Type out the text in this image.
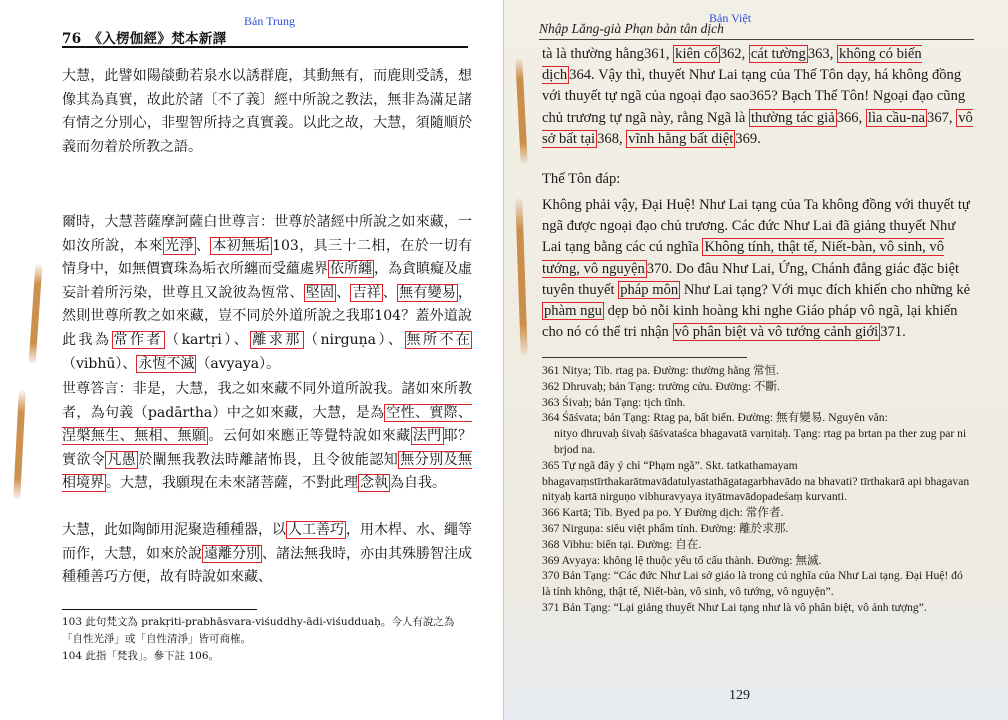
Bản Trung
76　《入楞伽經》梵本新譯

大慧，此譬如陽燄動若泉水以誘群鹿，其動無有，而鹿則受誘，想像其為真實，故此於諸〔不了義〕經中所說之教法，無非為滿足諸有情之分別心，非聖智所持之真實義。以此之故，大慧，須隨順於義而勿着於所教之語。

爾時，大慧菩薩摩訶薩白世尊言：世尊於諸經中所說之如來藏，一如汝所說，本來 光淨 、 本初無垢 103，具三十二相，在於一切有情身中，如無價寶珠為垢衣所纏而受蘊處界 依所纏 ，為貪瞋癡及虛妄計着所污染，世尊且又說彼為恆常、 堅固 、 吉祥 、 無有變易 ，然則世尊所教之如來藏，豈不同於外道所說之我耶104？蓋外道說此我為 常作者 （kartṛi）、 離求那 （nirguṇa）、 無所不在（vibhū）、 永恆不滅 （avyaya）。

世尊答言：非是，大慧，我之如來藏不同外道所說我。諸如來所教者，為句義（padārtha）中之如來藏，大慧，是為 空性、實際、涅槃無生、無相、無願 。云何如來應正等覺特說如來藏 法門 耶？實欲令 凡愚 於闡無我教法時離諸怖畏，且令彼能認知 無分別及無相境界 。大慧，我願現在未來諸菩薩，不對此理 念執 為自我。

大慧，此如陶師用泥聚造種種器，以 人工善巧 ，用木桿、水、繩等而作，大慧，如來於說 遠離分別 、諸法無我時，亦由其殊勝智注成種種善巧方便，故有時說如來藏、

103 此句梵文為 prakṛiti-prabhāsvara-viśuddhy-ādi-viśudduaḥ。今人有說之為「自性光淨」或「自性清淨」皆可商榷。

104 此指「梵我」。參下註 106。

Bản Việt
Nhập Lăng-già Phạn bản tân dịch

tà là thường hằng361, kiên cố 362, cát tường 363, không có biến dịch 364. Vậy thì, thuyết Như Lai tạng của Thế Tôn dạy, há không đồng với thuyết tự ngã của ngoại đạo sao365? Bạch Thế Tôn! Ngoại đạo cũng chủ trương tự ngã này, rằng Ngã là thường tác giả 366, lìa cầu-na 367, vô sở bất tại 368, vĩnh hằng bất diệt 369.

Thế Tôn đáp:

Không phải vậy, Đại Huệ! Như Lai tạng của Ta không đồng với thuyết tự ngã được ngoại đạo chủ trương. Các đức Như Lai đã giảng thuyết Như Lai tạng bằng các cú nghĩa Không tính, thật tế, Niết-bàn, vô sinh, vô tướng, vô nguyện 370. Do đâu Như Lai, Ứng, Chánh đẳng giác đặc biệt tuyên thuyết pháp môn Như Lai tạng? Với mục đích khiến cho những kẻ phàm ngu dẹp bỏ nỗi kinh hoàng khi nghe Giáo pháp vô ngã, lại khiến cho nó có thể tri nhận vô phân biệt và vô tướng cảnh giới 371.

361 Nitya; Tib. rtag pa. Đường: thường hằng 常恒.

362 Dhruvaḥ; bản Tạng: trường cửu. Đường: 不斷.

363 Śivaḥ; bản Tạng: tịch tĩnh.

364 Śāśvata; bản Tạng: Rtag pa, bất biến. Đường: 無有變易. Nguyên văn:

nityo dhruvaḥ śivaḥ śāśvataśca bhagavatā varṇitaḥ. Tạng: rtag pa brtan pa ther zug par ni brjod na.

365 Tự ngã đây ý chỉ “Phạm ngã”. Skt. tatkathamayam bhagavaṃstīrthakarātmavādatulyastathāgatagarbhavādo na bhavati? tīrthakarā api bhagavan nityaḥ kartā nirguṇo vibhuravyaya ityātmavādopadeśaṃ kurvanti.

366 Kartā; Tib. Byed pa po. Y Đường dịch: 常作者.

367 Nirguṇa: siêu việt phẩm tính. Đường: 離於求那.

368 Vibhu: biến tại. Đường: 自在.

369 Avyaya: không lệ thuộc yếu tố cấu thành. Đường: 無滅.

370 Bản Tạng: “Các đức Như Lai sở giáo là trong cú nghĩa của Như Lai tạng. Đại Huệ! đó là tính không, thật tế, Niết-bàn, vô sinh, vô tướng, vô nguyện”.

371 Bản Tạng: “Lại giảng thuyết Như Lai tạng như là vô phân biệt, vô ảnh tượng”.

129
